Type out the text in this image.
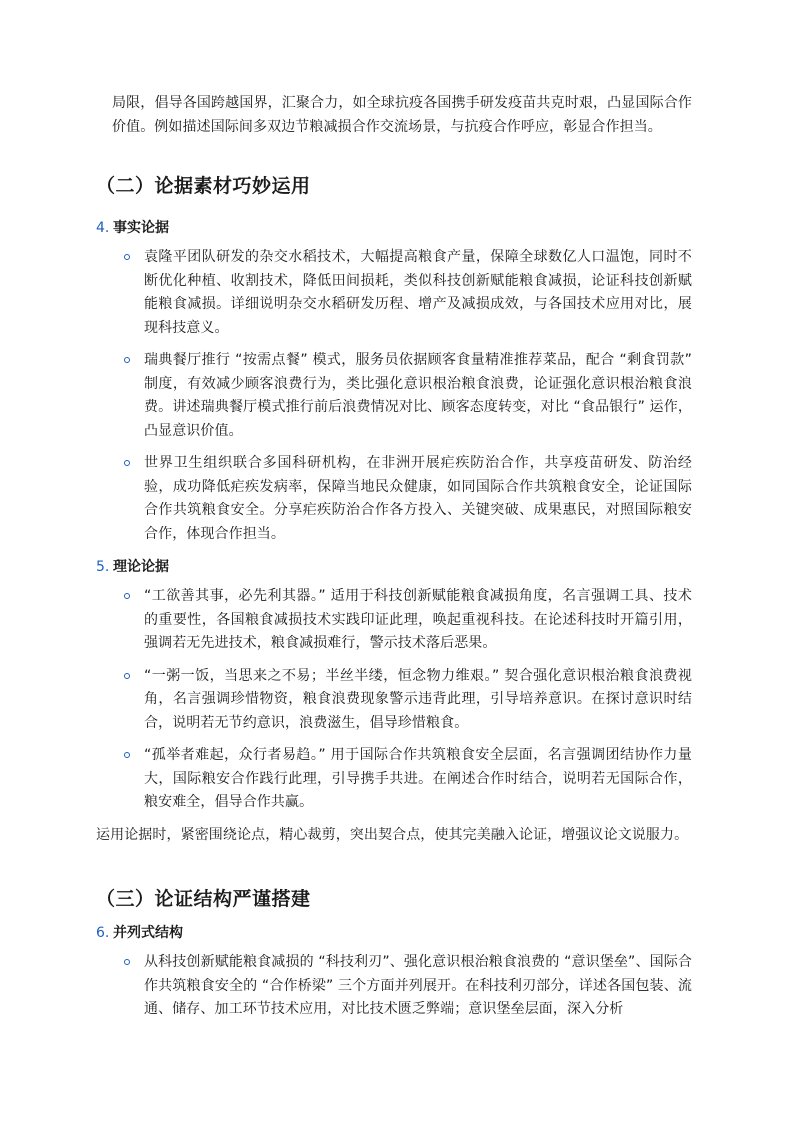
局限，倡导各国跨越国界，汇聚合力，如全球抗疫各国携手研发疫苗共克时艰，凸显国际合作价值。例如描述国际间多双边节粮减损合作交流场景，与抗疫合作呼应，彰显合作担当。

（二）论据素材巧妙运用
4. 事实论据

袁隆平团队研发的杂交水稻技术，大幅提高粮食产量，保障全球数亿人口温饱，同时不断优化种植、收割技术，降低田间损耗，类似科技创新赋能粮食减损，论证科技创新赋能粮食减损。详细说明杂交水稻研发历程、增产及减损成效，与各国技术应用对比，展现科技意义。

瑞典餐厅推行 “按需点餐” 模式，服务员依据顾客食量精准推荐菜品，配合 “剩食罚款” 制度，有效减少顾客浪费行为，类比强化意识根治粮食浪费，论证强化意识根治粮食浪费。讲述瑞典餐厅模式推行前后浪费情况对比、顾客态度转变，对比 “食品银行” 运作，凸显意识价值。

世界卫生组织联合多国科研机构，在非洲开展疟疾防治合作，共享疫苗研发、防治经验，成功降低疟疾发病率，保障当地民众健康，如同国际合作共筑粮食安全，论证国际合作共筑粮食安全。分享疟疾防治合作各方投入、关键突破、成果惠民，对照国际粮安合作，体现合作担当。

5. 理论论据

“工欲善其事，必先利其器。” 适用于科技创新赋能粮食减损角度，名言强调工具、技术的重要性，各国粮食减损技术实践印证此理，唤起重视科技。在论述科技时开篇引用，强调若无先进技术，粮食减损难行，警示技术落后恶果。

“一粥一饭，当思来之不易；半丝半缕，恒念物力维艰。” 契合强化意识根治粮食浪费视角，名言强调珍惜物资，粮食浪费现象警示违背此理，引导培养意识。在探讨意识时结合，说明若无节约意识，浪费滋生，倡导珍惜粮食。

“孤举者难起，众行者易趋。” 用于国际合作共筑粮食安全层面，名言强调团结协作力量大，国际粮安合作践行此理，引导携手共进。在阐述合作时结合，说明若无国际合作，粮安难全，倡导合作共赢。

运用论据时，紧密围绕论点，精心裁剪，突出契合点，使其完美融入论证，增强议论文说服力。

（三）论证结构严谨搭建
6. 并列式结构

从科技创新赋能粮食减损的 “科技利刃”、强化意识根治粮食浪费的 “意识堡垒”、国际合作共筑粮食安全的 “合作桥梁” 三个方面并列展开。在科技利刃部分，详述各国包装、流通、储存、加工环节技术应用，对比技术匮乏弊端；意识堡垒层面，深入分析
